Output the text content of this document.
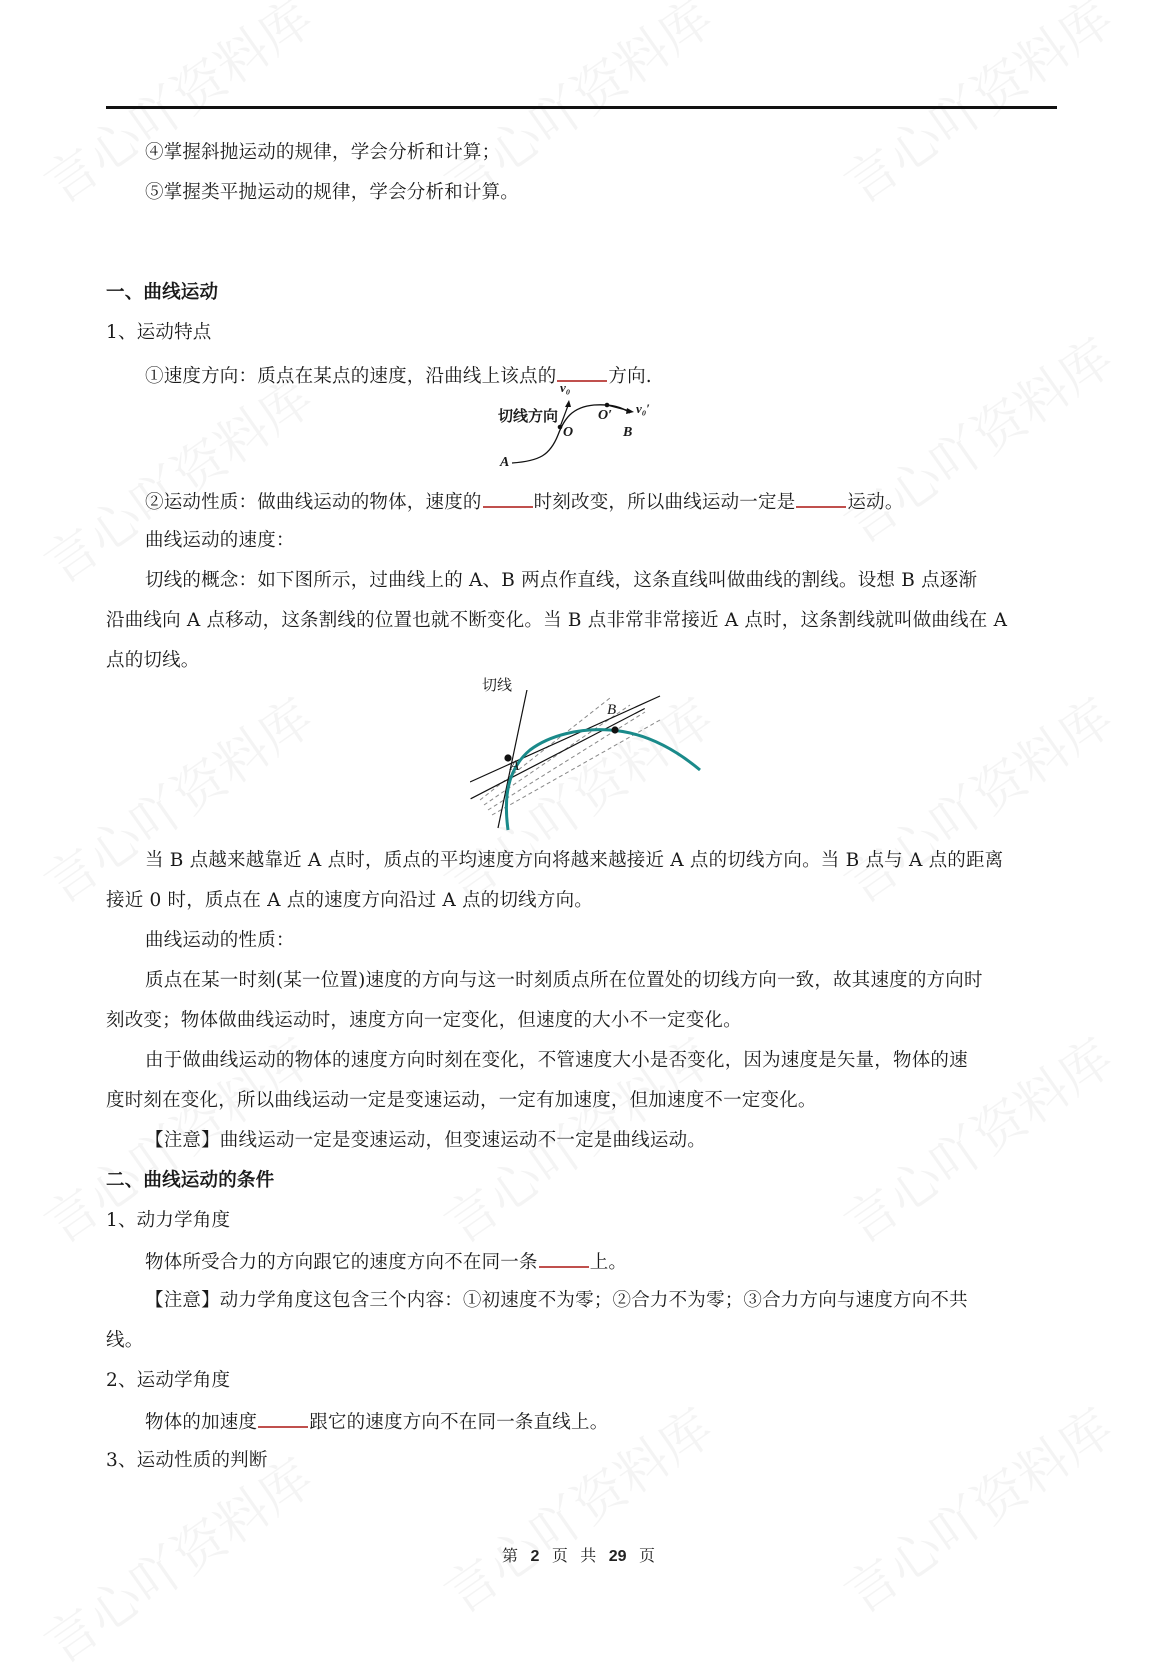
④掌握斜抛运动的规律，学会分析和计算；
⑤掌握类平抛运动的规律，学会分析和计算。
一、曲线运动
1、运动特点
①速度方向：质点在某点的速度，沿曲线上该点的	方向.
切线方向
v₀
O
O′ v₀′
B
A
②运动性质：做曲线运动的物体，速度的	时刻改变，所以曲线运动一定是	运动。
曲线运动的速度：
切线的概念：如下图所示，过曲线上的 A、B 两点作直线，这条直线叫做曲线的割线。设想 B 点逐渐
沿曲线向 A 点移动，这条割线的位置也就不断变化。当 B 点非常非常接近 A 点时，这条割线就叫做曲线在 A
点的切线。
切线
A
B
当 B 点越来越靠近 A 点时，质点的平均速度方向将越来越接近 A 点的切线方向。当 B 点与 A 点的距离
接近 0 时，质点在 A 点的速度方向沿过 A 点的切线方向。
曲线运动的性质：
质点在某一时刻(某一位置)速度的方向与这一时刻质点所在位置处的切线方向一致，故其速度的方向时
刻改变；物体做曲线运动时，速度方向一定变化，但速度的大小不一定变化。
由于做曲线运动的物体的速度方向时刻在变化，不管速度大小是否变化，因为速度是矢量，物体的速
度时刻在变化，所以曲线运动一定是变速运动，一定有加速度，但加速度不一定变化。
【注意】曲线运动一定是变速运动，但变速运动不一定是曲线运动。
二、曲线运动的条件
1、动力学角度
物体所受合力的方向跟它的速度方向不在同一条	上。
【注意】动力学角度这包含三个内容：①初速度不为零；②合力不为零；③合力方向与速度方向不共
线。
2、运动学角度
物体的加速度	跟它的速度方向不在同一条直线上。
3、运动性质的判断
第 2 页 共 29 页
